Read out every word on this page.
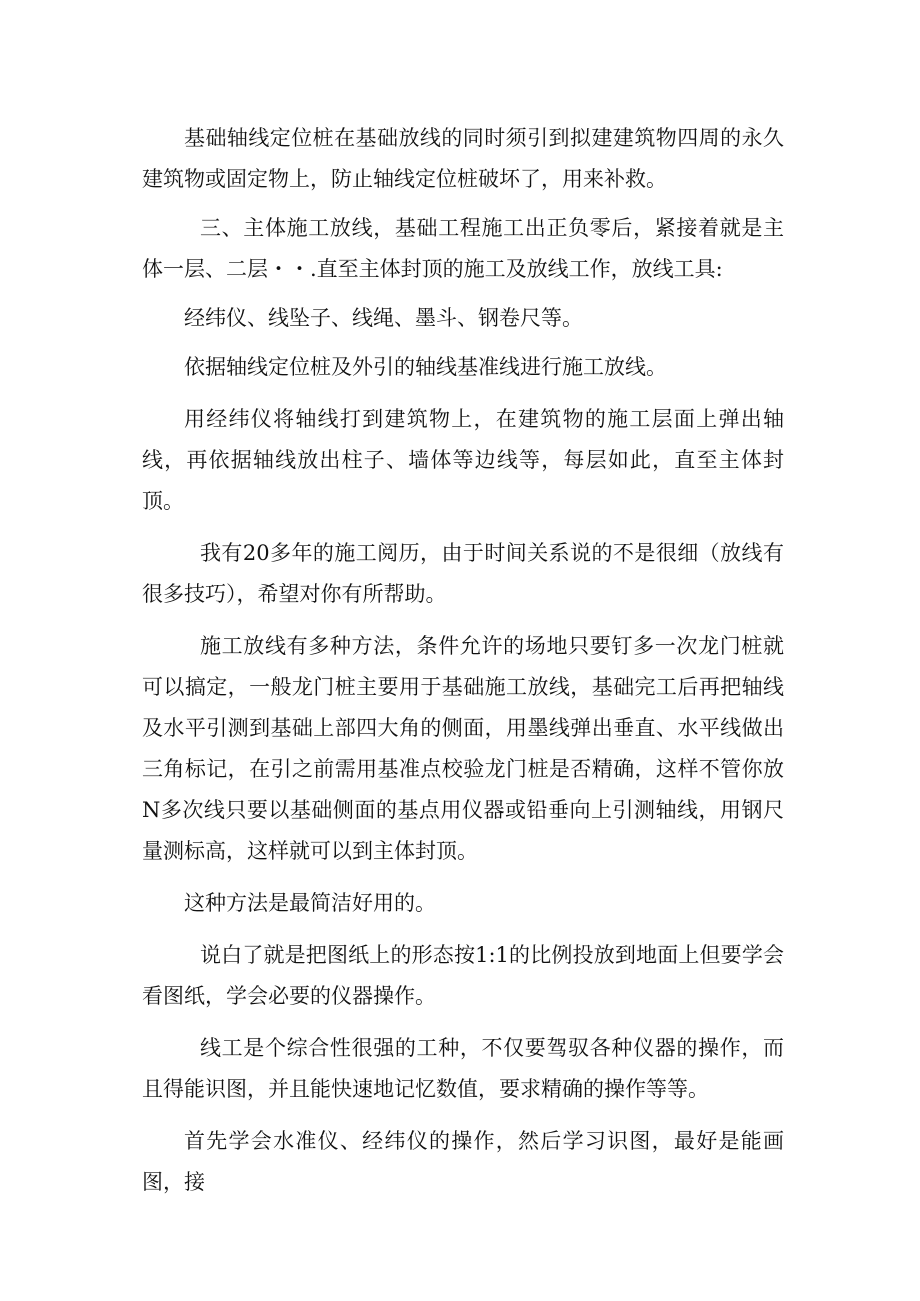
基础轴线定位桩在基础放线的同时须引到拟建建筑物四周的永久建筑物或固定物上，防止轴线定位桩破坏了，用来补救。

三、主体施工放线，基础工程施工出正负零后，紧接着就是主体一层、二层・・.直至主体封顶的施工及放线工作，放线工具:

经纬仪、线坠子、线绳、墨斗、钢卷尺等。

依据轴线定位桩及外引的轴线基准线进行施工放线。

用经纬仪将轴线打到建筑物上，在建筑物的施工层面上弹出轴线，再依据轴线放出柱子、墙体等边线等，每层如此，直至主体封顶。

我有20多年的施工阅历，由于时间关系说的不是很细（放线有很多技巧），希望对你有所帮助。

施工放线有多种方法，条件允许的场地只要钉多一次龙门桩就可以搞定，一般龙门桩主要用于基础施工放线，基础完工后再把轴线及水平引测到基础上部四大角的侧面，用墨线弹出垂直、水平线做出三角标记，在引之前需用基准点校验龙门桩是否精确，这样不管你放N多次线只要以基础侧面的基点用仪器或铅垂向上引测轴线，用钢尺量测标高，这样就可以到主体封顶。

这种方法是最简洁好用的。

说白了就是把图纸上的形态按1:1的比例投放到地面上但要学会看图纸，学会必要的仪器操作。

线工是个综合性很强的工种，不仅要驾驭各种仪器的操作，而且得能识图，并且能快速地记忆数值，要求精确的操作等等。

首先学会水准仪、经纬仪的操作，然后学习识图，最好是能画图，接
